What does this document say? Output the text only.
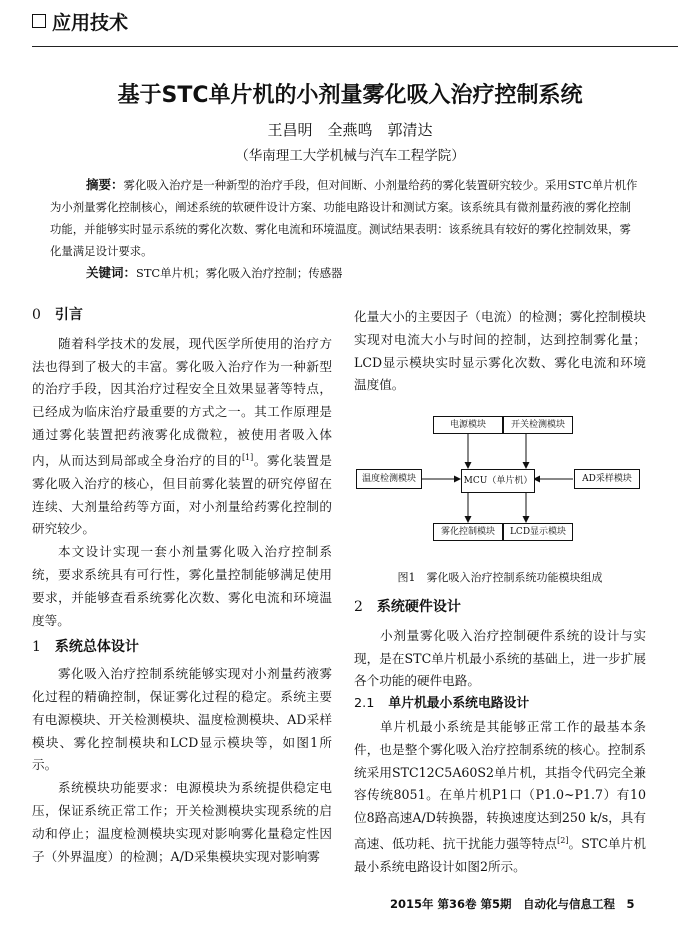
应用技术
基于STC单片机的小剂量雾化吸入治疗控制系统
王昌明　全燕鸣　郭清达
（华南理工大学机械与汽车工程学院）
摘要：雾化吸入治疗是一种新型的治疗手段，但对间断、小剂量给药的雾化装置研究较少。采用STC单片机作为小剂量雾化控制核心，阐述系统的软硬件设计方案、功能电路设计和测试方案。该系统具有微剂量药液的雾化控制功能，并能够实时显示系统的雾化次数、雾化电流和环境温度。测试结果表明：该系统具有较好的雾化控制效果，雾化量满足设计要求。
关键词：STC单片机；雾化吸入治疗控制；传感器
0 引言

随着科学技术的发展，现代医学所使用的治疗方法也得到了极大的丰富。雾化吸入治疗作为一种新型的治疗手段，因其治疗过程安全且效果显著等特点，已经成为临床治疗最重要的方式之一。其工作原理是通过雾化装置把药液雾化成微粒，被使用者吸入体内，从而达到局部或全身治疗的目的[1]。雾化装置是雾化吸入治疗的核心，但目前雾化装置的研究停留在连续、大剂量给药等方面，对小剂量给药雾化控制的研究较少。

本文设计实现一套小剂量雾化吸入治疗控制系统，要求系统具有可行性，雾化量控制能够满足使用要求，并能够查看系统雾化次数、雾化电流和环境温度等。

1 系统总体设计

雾化吸入治疗控制系统能够实现对小剂量药液雾化过程的精确控制，保证雾化过程的稳定。系统主要有电源模块、开关检测模块、温度检测模块、AD采样模块、雾化控制模块和LCD显示模块等，如图1所示。

系统模块功能要求：电源模块为系统提供稳定电压，保证系统正常工作；开关检测模块实现系统的启动和停止；温度检测模块实现对影响雾化量稳定性因子（外界温度）的检测；A/D采集模块实现对影响雾

化量大小的主要因子（电流）的检测；雾化控制模块实现对电流大小与时间的控制，达到控制雾化量；LCD显示模块实时显示雾化次数、雾化电流和环境温度值。

电源模块	开关检测模块
温度检测模块	MCU（单片机）	AD采样模块
雾化控制模块	LCD显示模块
图1　雾化吸入治疗控制系统功能模块组成
2 系统硬件设计

小剂量雾化吸入治疗控制硬件系统的设计与实现，是在STC单片机最小系统的基础上，进一步扩展各个功能的硬件电路。

2.1 单片机最小系统电路设计

单片机最小系统是其能够正常工作的最基本条件，也是整个雾化吸入治疗控制系统的核心。控制系统采用STC12C5A60S2单片机，其指令代码完全兼容传统8051。在单片机P1口（P1.0~P1.7）有10位8路高速A/D转换器，转换速度达到250 k/s，具有高速、低功耗、抗干扰能力强等特点[2]。STC单片机最小系统电路设计如图2所示。

2015年 第36卷 第5期　自动化与信息工程　5
